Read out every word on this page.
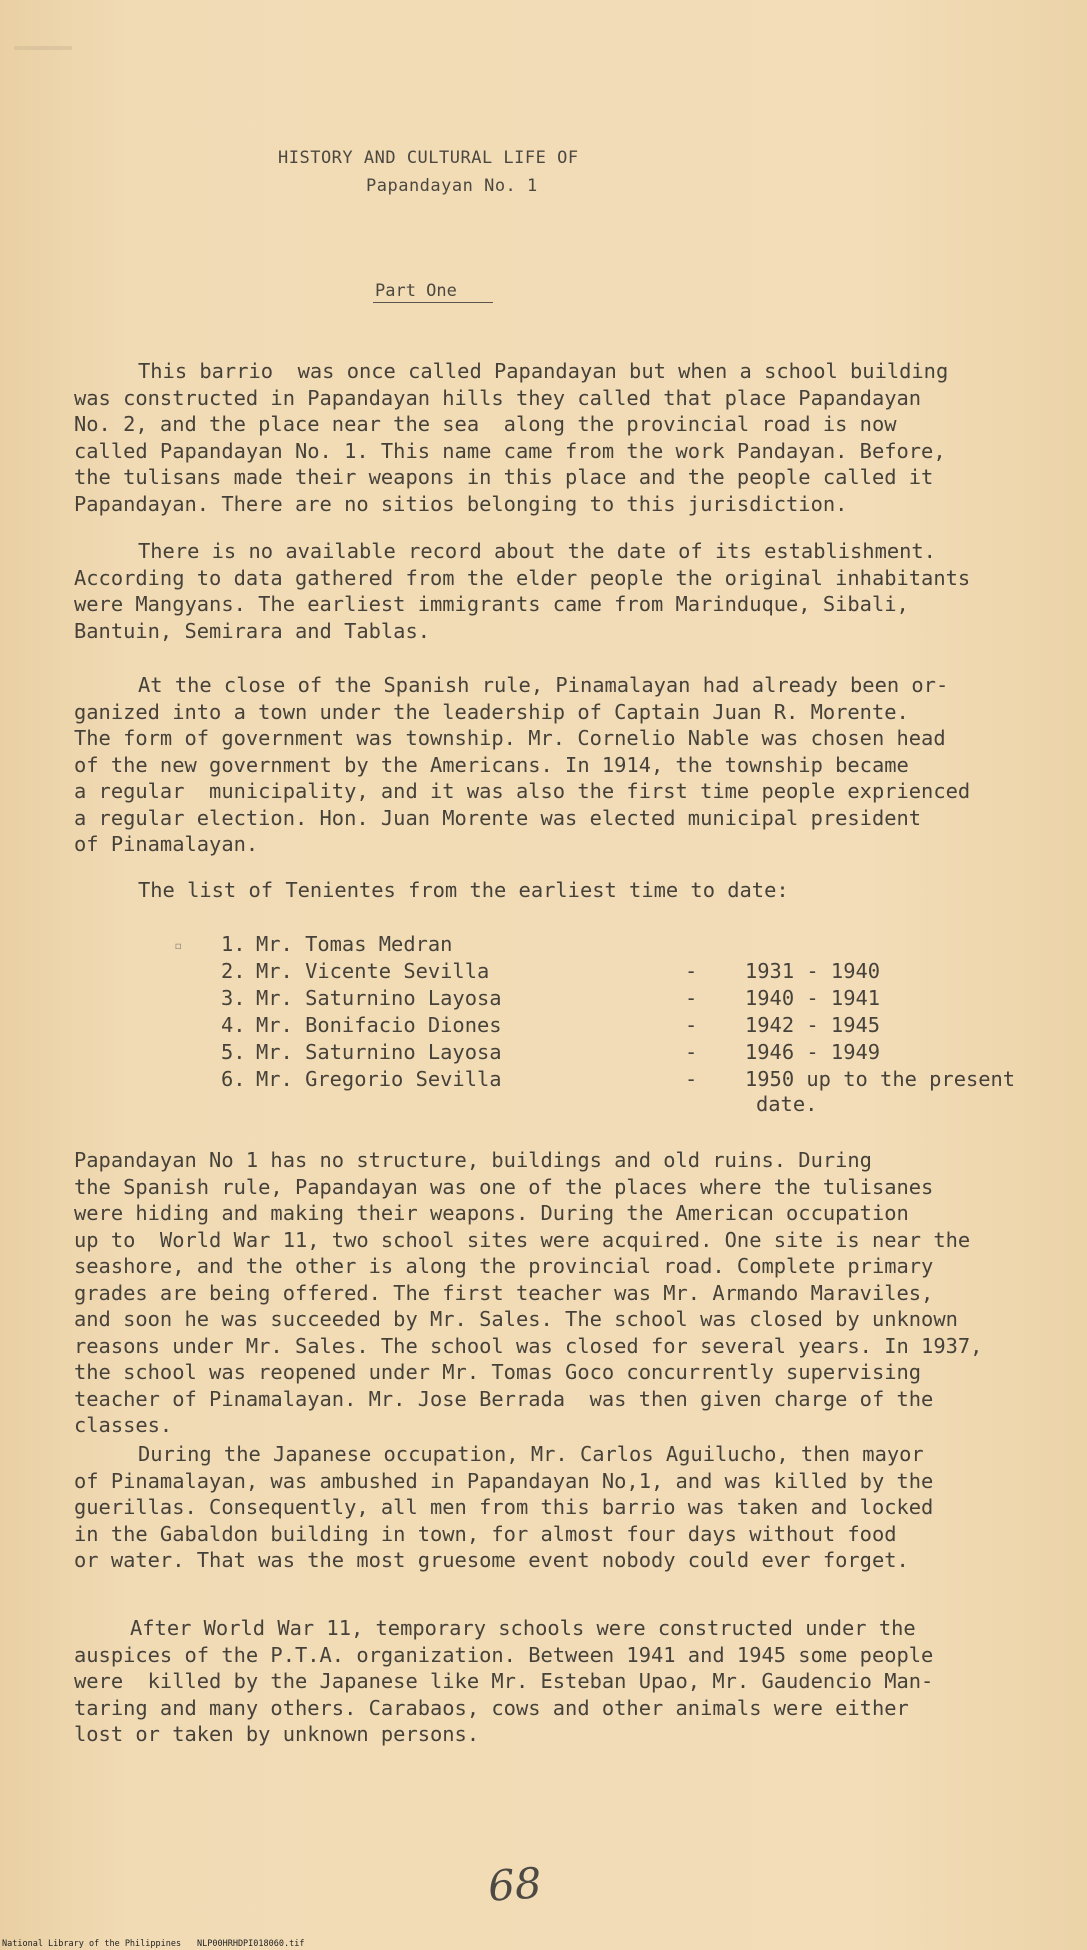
HISTORY AND CULTURAL LIFE OF
Papandayan No. 1
Part One
This barrio  was once called Papandayan but when a school building
was constructed in Papandayan hills they called that place Papandayan
No. 2, and the place near the sea  along the provincial road is now
called Papandayan No. 1. This name came from the work Pandayan. Before,
the tulisans made their weapons in this place and the people called it
Papandayan. There are no sitios belonging to this jurisdiction.
There is no available record about the date of its establishment.
According to data gathered from the elder people the original inhabitants
were Mangyans. The earliest immigrants came from Marinduque, Sibali,
Bantuin, Semirara and Tablas.
At the close of the Spanish rule, Pinamalayan had already been or-
ganized into a town under the leadership of Captain Juan R. Morente.
The form of government was township. Mr. Cornelio Nable was chosen head
of the new government by the Americans. In 1914, the township became
a regular  municipality, and it was also the first time people exprienced
a regular election. Hon. Juan Morente was elected municipal president
of Pinamalayan.
The list of Tenientes from the earliest time to date:
▫ 1. Mr. Tomas Medran
2. Mr. Vicente Sevilla	- 1931 - 1940
3. Mr. Saturnino Layosa	- 1940 - 1941
4. Mr. Bonifacio Diones	- 1942 - 1945
5. Mr. Saturnino Layosa	- 1946 - 1949
6. Mr. Gregorio Sevilla	- 1950 up to the present
date.
Papandayan No 1 has no structure, buildings and old ruins. During
the Spanish rule, Papandayan was one of the places where the tulisanes
were hiding and making their weapons. During the American occupation
up to  World War 11, two school sites were acquired. One site is near the
seashore, and the other is along the provincial road. Complete primary
grades are being offered. The first teacher was Mr. Armando Maraviles,
and soon he was succeeded by Mr. Sales. The school was closed by unknown
reasons under Mr. Sales. The school was closed for several years. In 1937,
the school was reopened under Mr. Tomas Goco concurrently supervising
teacher of Pinamalayan. Mr. Jose Berrada  was then given charge of the
classes.
During the Japanese occupation, Mr. Carlos Aguilucho, then mayor
of Pinamalayan, was ambushed in Papandayan No,1, and was killed by the
guerillas. Consequently, all men from this barrio was taken and locked
in the Gabaldon building in town, for almost four days without food
or water. That was the most gruesome event nobody could ever forget.
After World War 11, temporary schools were constructed under the
auspices of the P.T.A. organization. Between 1941 and 1945 some people
were  killed by the Japanese like Mr. Esteban Upao, Mr. Gaudencio Man-
taring and many others. Carabaos, cows and other animals were either
lost or taken by unknown persons.
68
National Library of the Philippines NLP00HRHDPI018060.tif
